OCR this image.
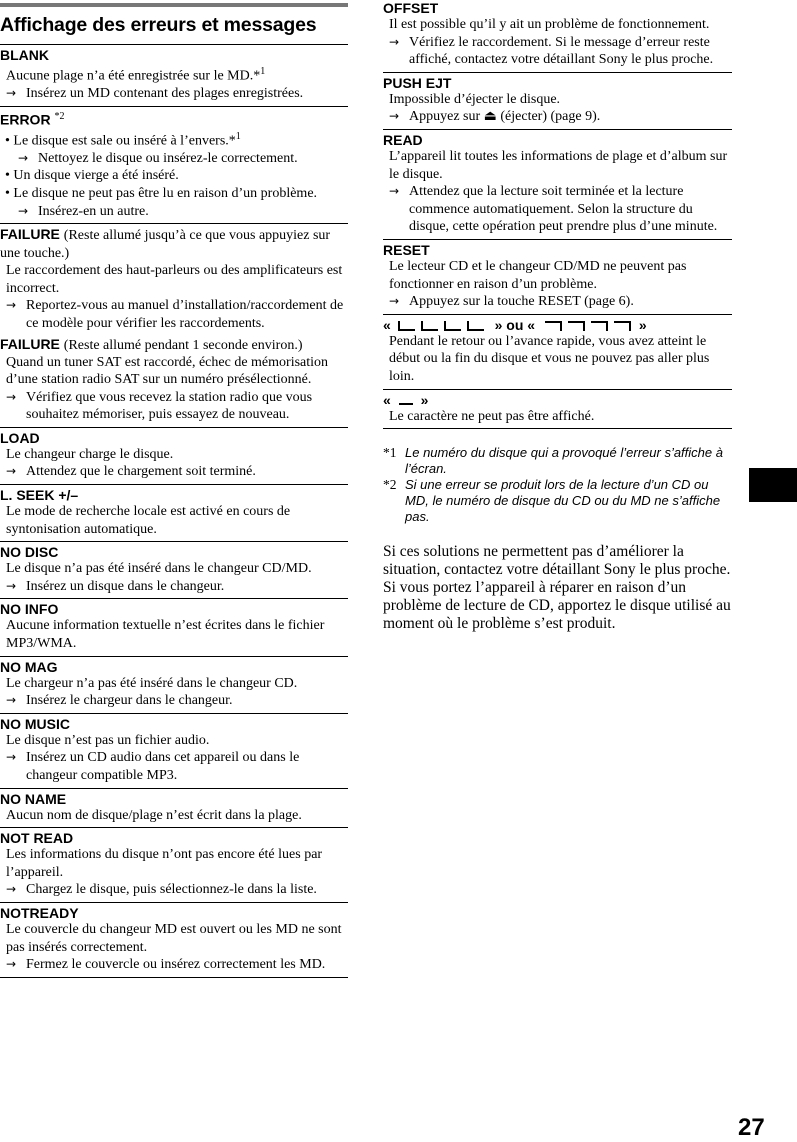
Affichage des erreurs et messages
BLANK
Aucune plage n’a été enregistrée sur le MD.*$^1$
→ Insérez un MD contenant des plages enregistrées.
ERROR $^{*2}$
• Le disque est sale ou inséré à l’envers.*$^1$
→ Nettoyez le disque ou insérez-le correctement.
• Un disque vierge a été inséré.
• Le disque ne peut pas être lu en raison d’un problème.
→ Insérez-en un autre.
FAILURE (Reste allumé jusqu’à ce que vous appuyiez sur une touche.)
Le raccordement des haut-parleurs ou des amplificateurs est incorrect.
→ Reportez-vous au manuel d’installation/raccordement de ce modèle pour vérifier les raccordements.
FAILURE (Reste allumé pendant 1 seconde environ.)
Quand un tuner SAT est raccordé, échec de mémorisation d’une station radio SAT sur un numéro présélectionné.
→ Vérifiez que vous recevez la station radio que vous souhaitez mémoriser, puis essayez de nouveau.
LOAD
Le changeur charge le disque.
→ Attendez que le chargement soit terminé.
L. SEEK +/–
Le mode de recherche locale est activé en cours de syntonisation automatique.
NO DISC
Le disque n’a pas été inséré dans le changeur CD/MD.
→ Insérez un disque dans le changeur.
NO INFO
Aucune information textuelle n’est écrites dans le fichier MP3/WMA.
NO MAG
Le chargeur n’a pas été inséré dans le changeur CD.
→ Insérez le chargeur dans le changeur.
NO MUSIC
Le disque n’est pas un fichier audio.
→ Insérez un CD audio dans cet appareil ou dans le changeur compatible MP3.
NO NAME
Aucun nom de disque/plage n’est écrit dans la plage.
NOT READ
Les informations du disque n’ont pas encore été lues par l’appareil.
→ Chargez le disque, puis sélectionnez-le dans la liste.
NOTREADY
Le couvercle du changeur MD est ouvert ou les MD ne sont pas insérés correctement.
→ Fermez le couvercle ou insérez correctement les MD.
OFFSET
Il est possible qu’il y ait un problème de fonctionnement.
→ Vérifiez le raccordement. Si le message d’erreur reste affiché, contactez votre détaillant Sony le plus proche.
PUSH EJT
Impossible d’éjecter le disque.
→ Appuyez sur ⏏ (éjecter) (page 9).
READ
L’appareil lit toutes les informations de plage et d’album sur le disque.
→ Attendez que la lecture soit terminée et la lecture commence automatiquement. Selon la structure du disque, cette opération peut prendre plus d’une minute.
RESET
Le lecteur CD et le changeur CD/MD ne peuvent pas fonctionner en raison d’un problème.
→ Appuyez sur la touche RESET (page 6).
«	» ou «	»
Pendant le retour ou l’avance rapide, vous avez atteint le début ou la fin du disque et vous ne pouvez pas aller plus loin.
« »
Le caractère ne peut pas être affiché.
*1 Le numéro du disque qui a provoqué l’erreur s’affiche à l’écran.
*2 Si une erreur se produit lors de la lecture d’un CD ou MD, le numéro de disque du CD ou du MD ne s’affiche pas.

Si ces solutions ne permettent pas d’améliorer la situation, contactez votre détaillant Sony le plus proche.

Si vous portez l’appareil à réparer en raison d’un problème de lecture de CD, apportez le disque utilisé au moment où le problème s’est produit.

27
